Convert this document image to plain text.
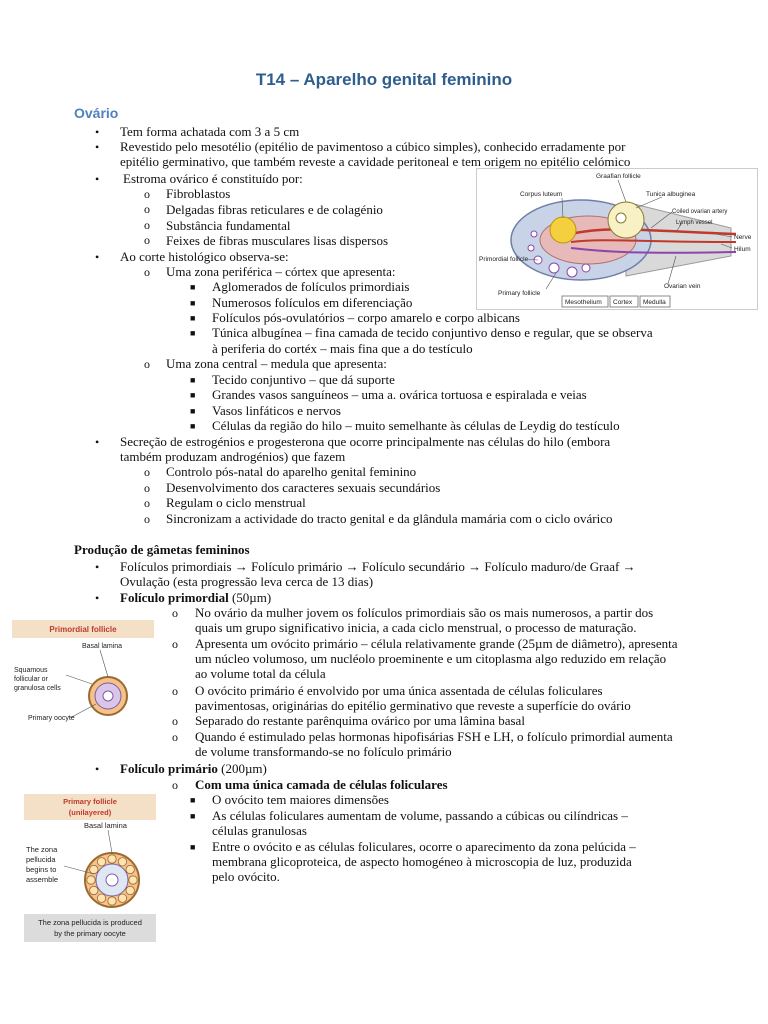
T14 – Aparelho genital feminino
Ovário
• Tem forma achatada com 3 a 5 cm
• Revestido pelo mesotélio (epitélio de pavimentoso a cúbico simples), conhecido erradamente por
epitélio germinativo, que também reveste a cavidade peritoneal e tem origem no epitélio celómico
• Estroma ovárico é constituído por:
o Fibroblastos
o Delgadas fibras reticulares e de colagénio
o Substância fundamental
o Feixes de fibras musculares lisas dispersos
• Ao corte histológico observa-se:
o Uma zona periférica – córtex que apresenta:
■ Aglomerados de folículos primordiais
■ Numerosos folículos em diferenciação
■ Folículos pós-ovulatórios – corpo amarelo e corpo albicans
■ Túnica albugínea – fina camada de tecido conjuntivo denso e regular, que se observa
à periferia do cortéx – mais fina que a do testículo
o Uma zona central – medula que apresenta:
■ Tecido conjuntivo – que dá suporte
■ Grandes vasos sanguíneos – uma a. ovárica tortuosa e espiralada e veias
■ Vasos linfáticos e nervos
■ Células da região do hilo – muito semelhante às células de Leydig do testículo
• Secreção de estrogénios e progesterona que ocorre principalmente nas células do hilo (embora
também produzam androgénios) que fazem
o Controlo pós-natal do aparelho genital feminino
o Desenvolvimento dos caracteres sexuais secundários
o Regulam o ciclo menstrual
o Sincronizam a actividade do tracto genital e da glândula mamária com o ciclo ovárico
Graafian follicle
Corpus luteum	Tunica albuginea
Coiled ovarian artery
Lymph vessel
Nerve
Hilum
Primordial follicle
Primary follicle
Ovarian vein
Mesothelium Cortex Medulla
Produção de gâmetas femininos
• Folículos primordiais → Folículo primário → Folículo secundário → Folículo maduro/de Graaf →
Ovulação (esta progressão leva cerca de 13 dias)
• Folículo primordial (50µm)
o No ovário da mulher jovem os folículos primordiais são os mais numerosos, a partir dos
quais um grupo significativo inicia, a cada ciclo menstrual, o processo de maturação.
o Apresenta um ovócito primário – célula relativamente grande (25µm de diâmetro), apresenta
um núcleo volumoso, um nucléolo proeminente e um citoplasma algo reduzido em relação
ao volume total da célula
o O ovócito primário é envolvido por uma única assentada de células foliculares
pavimentosas, originárias do epitélio germinativo que reveste a superfície do ovário
o Separado do restante parênquima ovárico por uma lâmina basal
o Quando é estimulado pelas hormonas hipofisárias FSH e LH, o folículo primordial aumenta
de volume transformando-se no folículo primário
• Folículo primário (200µm)
o Com uma única camada de células foliculares
■ O ovócito tem maiores dimensões
■ As células foliculares aumentam de volume, passando a cúbicas ou cilíndricas –
células granulosas
■ Entre o ovócito e as células foliculares, ocorre o aparecimento da zona pelúcida –
membrana glicoproteica, de aspecto homogéneo à microscopia de luz, produzida
pelo ovócito.
Primordial follicle
Basal lamina
Squamous
follicular or
granulosa cells
Primary oocyte
Primary follicle
(unilayered)
Basal lamina
The zona
pellucida
begins to
assemble
The zona pellucida is produced
by the primary oocyte
